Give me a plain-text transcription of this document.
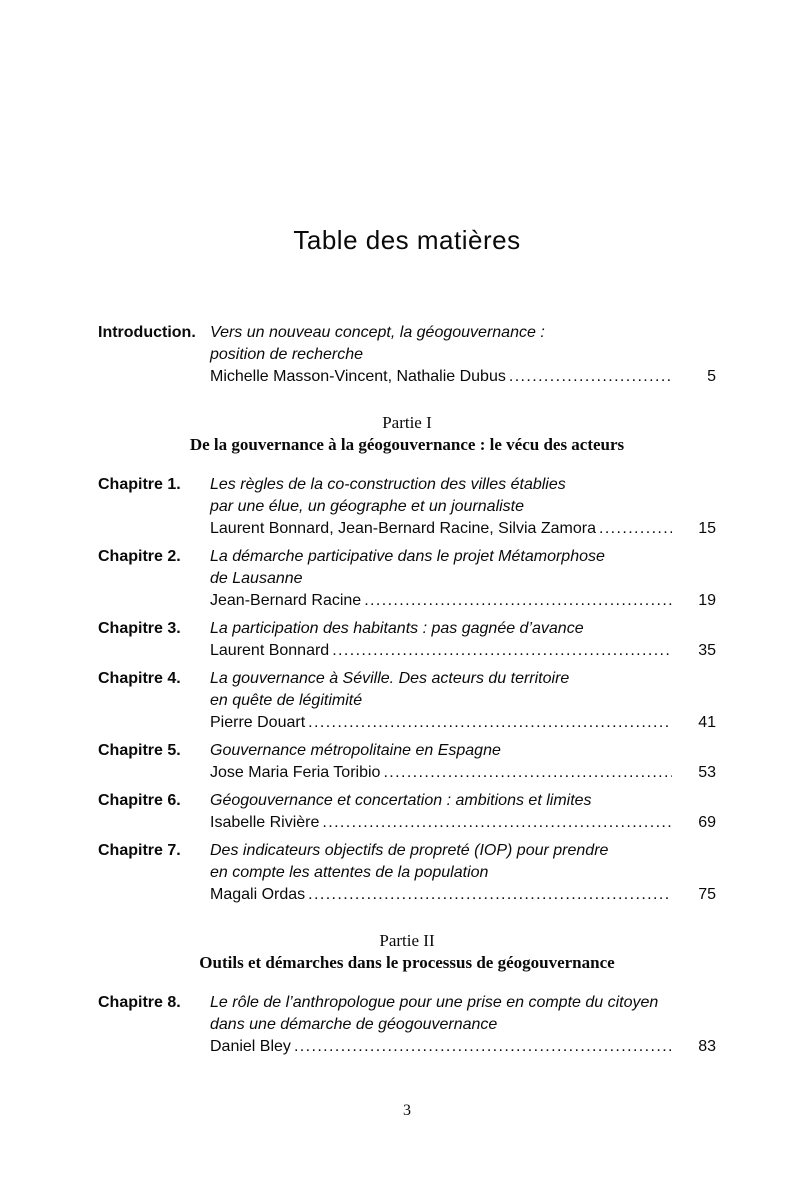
Table des matières
Introduction. Vers un nouveau concept, la géogouvernance :
position de recherche
Michelle Masson-Vincent, Nathalie Dubus .....	5
Partie I
De la gouvernance à la géogouvernance : le vécu des acteurs
Chapitre 1.	Les règles de la co-construction des villes établies
par une élue, un géographe et un journaliste
Laurent Bonnard, Jean-Bernard Racine, Silvia Zamora .....	15
Chapitre 2.	La démarche participative dans le projet Métamorphose
de Lausanne
Jean-Bernard Racine .....	19
Chapitre 3.	La participation des habitants : pas gagnée d’avance
Laurent Bonnard .....	35
Chapitre 4.	La gouvernance à Séville. Des acteurs du territoire
en quête de légitimité
Pierre Douart .....	41
Chapitre 5.	Gouvernance métropolitaine en Espagne
Jose Maria Feria Toribio .....	53
Chapitre 6.	Géogouvernance et concertation : ambitions et limites
Isabelle Rivière .....	69
Chapitre 7.	Des indicateurs objectifs de propreté (IOP) pour prendre
en compte les attentes de la population
Magali Ordas .....	75
Partie II
Outils et démarches dans le processus de géogouvernance
Chapitre 8.	Le rôle de l’anthropologue pour une prise en compte du citoyen
dans une démarche de géogouvernance
Daniel Bley .....	83
3
